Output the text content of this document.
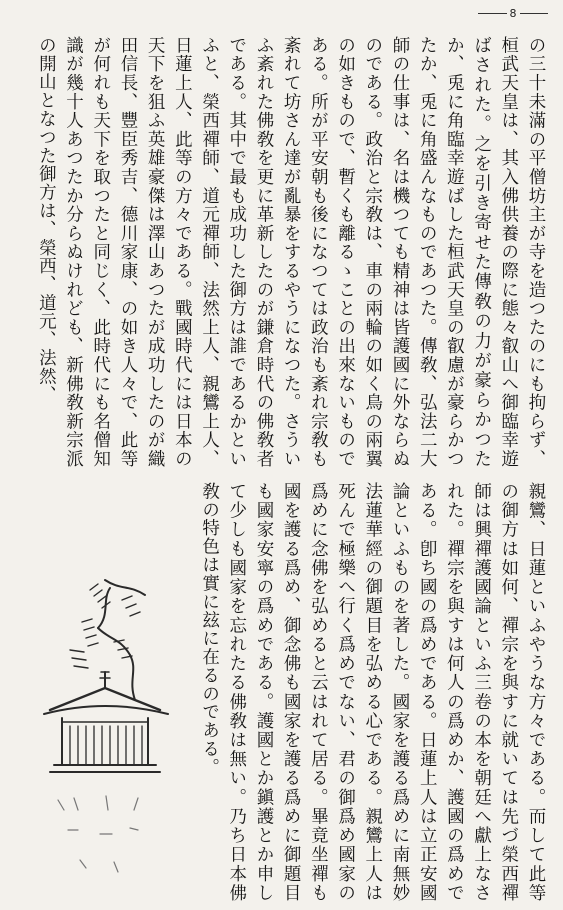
8
の三十未滿の平僧坊主が寺を造つたのにも拘らず、桓武天皇は、其入佛供養の際に態々叡山へ御臨幸遊ばされた。之を引き寄せた傳敎の力が豪らかつたか、兎に角臨幸遊ばした桓武天皇の叡慮が豪らかつたか、兎に角盛んなものであつた。傳敎、弘法二大師の仕事は、名は機つても精神は皆護國に外ならぬのである。政治と宗敎は、車の兩輪の如く鳥の兩翼の如きもので、暫くも離るゝことの出來ないものである。所が平安朝も後になつては政治も紊れ宗敎も紊れて坊さん達が亂暴をするやうになつた。さういふ紊れた佛敎を更に革新したのが鎌倉時代の佛敎者である。其中で最も成功した御方は誰であるかといふと、榮西禪師、道元禪師、法然上人、親鸞上人、日蓮上人、此等の方々である。戰國時代には日本の天下を狙ふ英雄豪傑は澤山あつたが成功したのが織田信長、豐臣秀吉、德川家康、の如き人々で、此等が何れも天下を取つたと同じく、此時代にも名僧知識が幾十人あつたか分らぬけれども、新佛敎新宗派の開山となつた御方は、榮西、道元、法然、
親鸞、日蓮といふやうな方々である。而して此等の御方は如何、禪宗を與すに就いては先づ榮西禪師は興禪護國論といふ三卷の本を朝廷へ獻上なされた。禪宗を與すは何人の爲めか、護國の爲めである。卽ち國の爲めである。日蓮上人は立正安國論といふものを著した。國家を護る爲めに南無妙法蓮華經の御題目を弘める心である。親鸞上人は死んで極樂へ行く爲めでない、君の御爲め國家の爲めに念佛を弘めると云はれて居る。畢竟坐禪も國を護る爲め、御念佛も國家を護る爲めに御題目も國家安寧の爲めである。護國とか鎭護とか申して少しも國家を忘れたる佛敎は無い。乃ち日本佛敎の特色は實に玆に在るのである。
